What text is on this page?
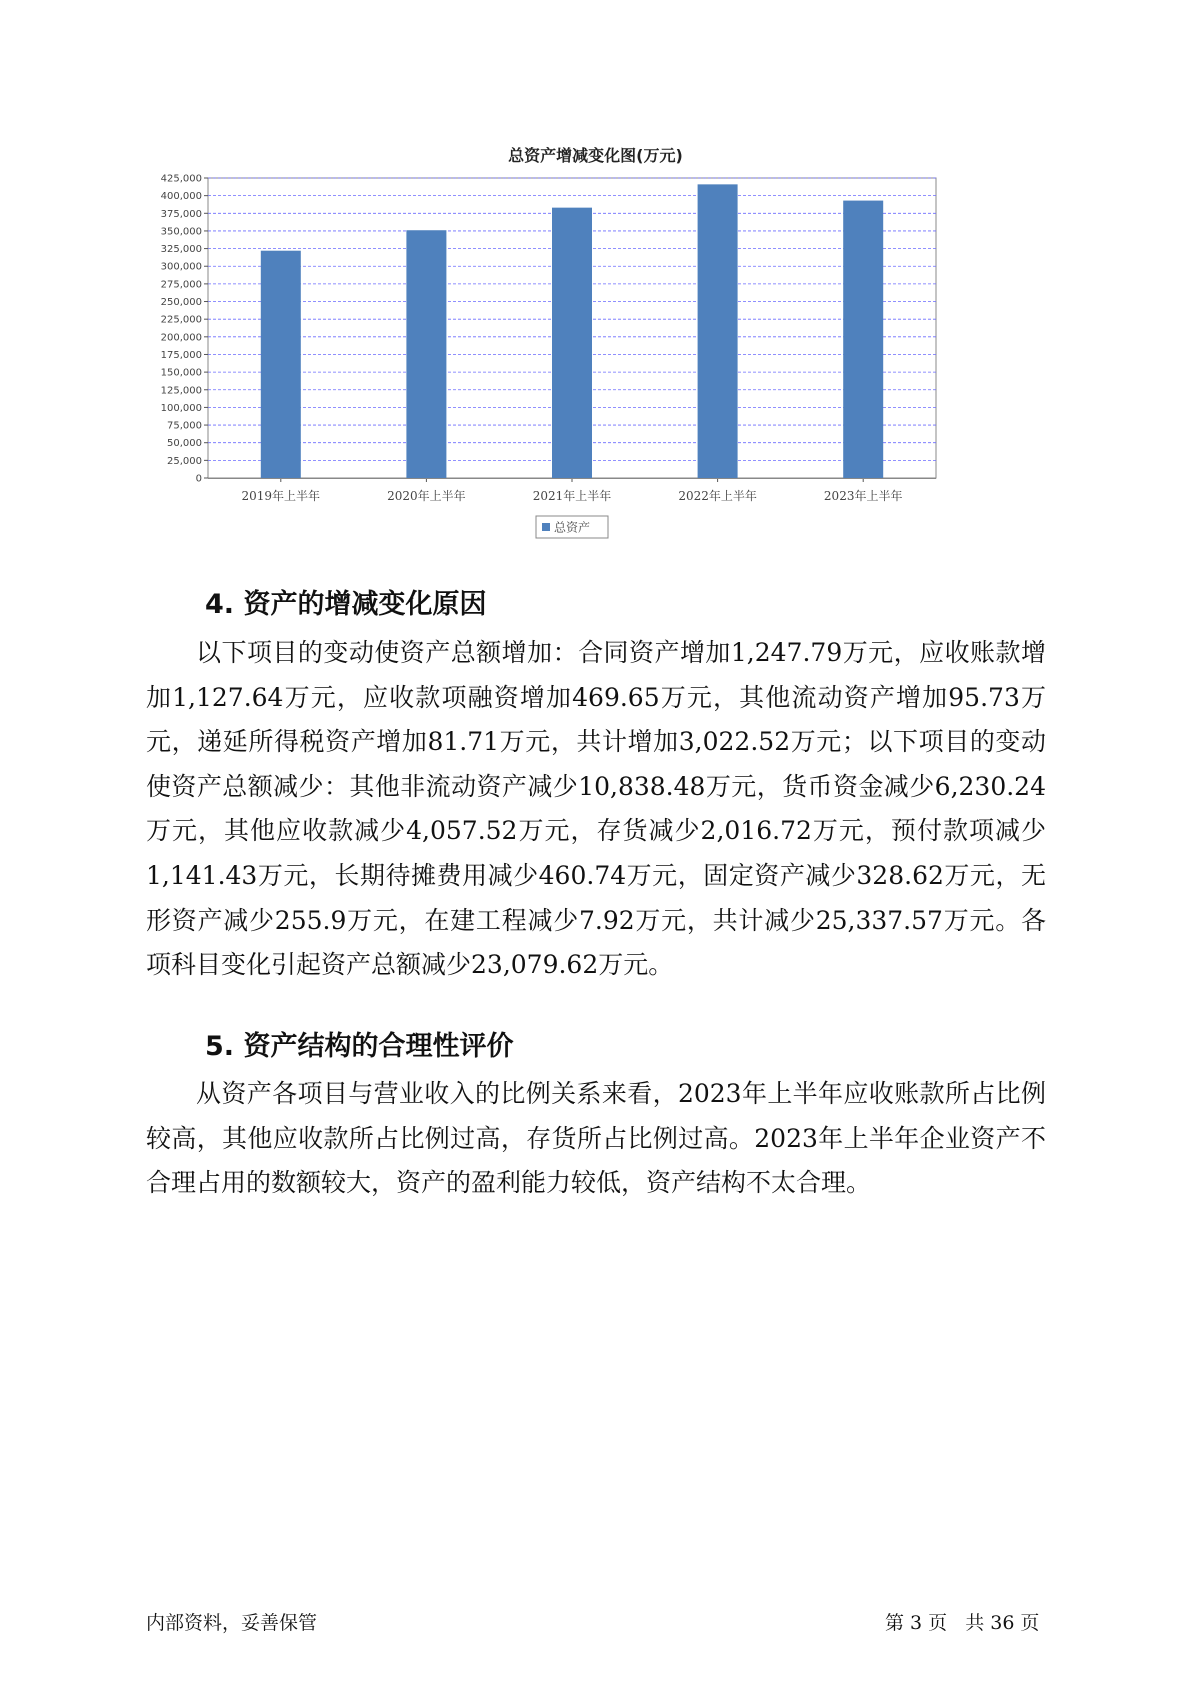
总资产增减变化图(万元)
0
25,000
50,000
75,000
100,000
125,000
150,000
175,000
200,000
225,000
250,000
275,000
300,000
325,000
350,000
375,000
400,000
425,000
2019年上半年	2020年上半年	2021年上半年	2022年上半年	2023年上半年
总资产
4. 资产的增减变化原因

以下项目的变动使资产总额增加：合同资产增加1,247.79万元，应收账款增加1,127.64万元，应收款项融资增加469.65万元，其他流动资产增加95.73万元，递延所得税资产增加81.71万元，共计增加3,022.52万元；以下项目的变动使资产总额减少：其他非流动资产减少10,838.48万元，货币资金减少6,230.24万元，其他应收款减少4,057.52万元，存货减少2,016.72万元，预付款项减少1,141.43万元，长期待摊费用减少460.74万元，固定资产减少328.62万元，无形资产减少255.9万元，在建工程减少7.92万元，共计减少25,337.57万元。各项科目变化引起资产总额减少23,079.62万元。

5. 资产结构的合理性评价

从资产各项目与营业收入的比例关系来看，2023年上半年应收账款所占比例较高，其他应收款所占比例过高，存货所占比例过高。2023年上半年企业资产不合理占用的数额较大，资产的盈利能力较低，资产结构不太合理。

内部资料，妥善保管	第 3 页 共 36 页
